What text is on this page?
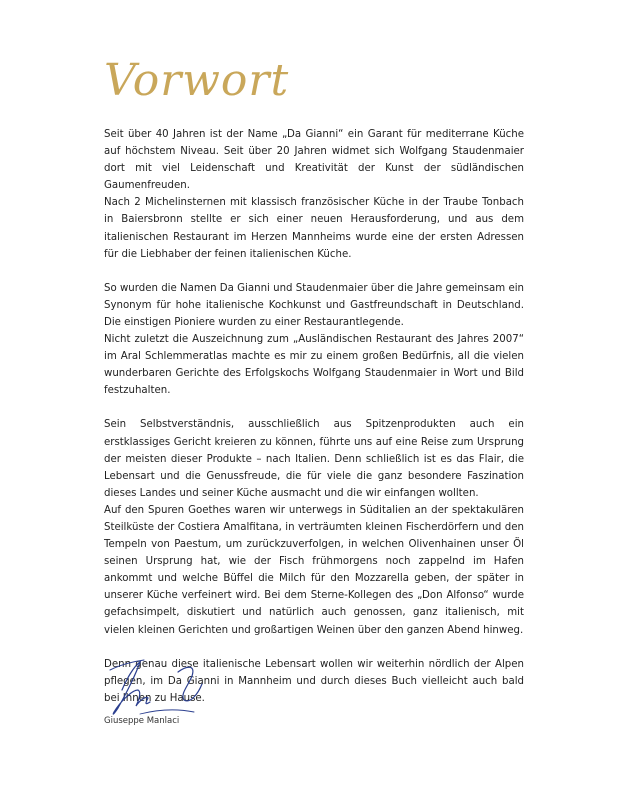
Vorwort

Seit über 40 Jahren ist der Name „Da Gianni“ ein Garant für mediterrane Küche auf höchstem Niveau. Seit über 20 Jahren widmet sich Wolfgang Staudenmaier dort mit viel Leidenschaft und Kreativität der Kunst der südländischen Gaumenfreuden.

Nach 2 Michelinsternen mit klassisch französischer Küche in der Traube Tonbach in Baiersbronn stellte er sich einer neuen Herausforderung, und aus dem italienischen Restaurant im Herzen Mannheims wurde eine der ersten Adressen für die Liebhaber der feinen italienischen Küche.

So wurden die Namen Da Gianni und Staudenmaier über die Jahre gemeinsam ein Synonym für hohe italienische Kochkunst und Gastfreundschaft in Deutschland. Die einstigen Pioniere wurden zu einer Restaurantlegende.

Nicht zuletzt die Auszeichnung zum „Ausländischen Restaurant des Jahres 2007“ im Aral Schlemmeratlas machte es mir zu einem großen Bedürfnis, all die vielen wunderbaren Gerichte des Erfolgskochs Wolfgang Staudenmaier in Wort und Bild festzuhalten.

Sein Selbstverständnis, ausschließlich aus Spitzenprodukten auch ein erstklassiges Gericht kreieren zu können, führte uns auf eine Reise zum Ursprung der meisten dieser Produkte – nach Italien. Denn schließlich ist es das Flair, die Lebensart und die Genussfreude, die für viele die ganz besondere Faszination dieses Landes und seiner Küche ausmacht und die wir einfangen wollten.

Auf den Spuren Goethes waren wir unterwegs in Süditalien an der spektakulären Steilküste der Costiera Amalfitana, in verträumten kleinen Fischerdörfern und den Tempeln von Paestum, um zurückzuverfolgen, in welchen Olivenhainen unser Öl seinen Ursprung hat, wie der Fisch frühmorgens noch zappelnd im Hafen ankommt und welche Büffel die Milch für den Mozzarella geben, der später in unserer Küche verfeinert wird. Bei dem Sterne-Kollegen des „Don Alfonso“ wurde gefachsimpelt, diskutiert und natürlich auch genossen, ganz italienisch, mit vielen kleinen Gerichten und großartigen Weinen über den ganzen Abend hinweg.

Denn genau diese italienische Lebensart wollen wir weiterhin nördlich der Alpen pflegen, im Da Gianni in Mannheim und durch dieses Buch vielleicht auch bald bei Ihnen zu Hause.

Giuseppe Manlaci
